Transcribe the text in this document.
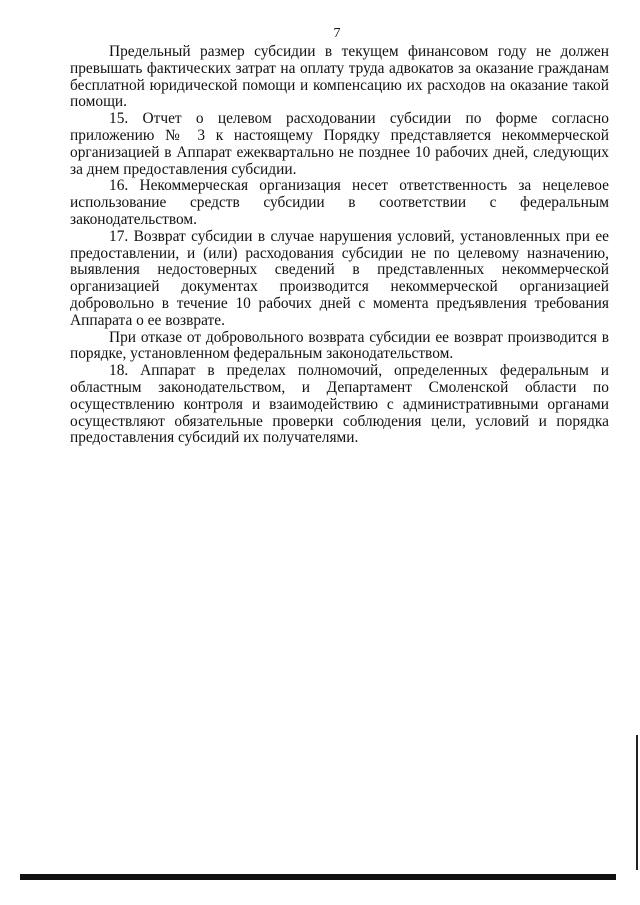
7

Предельный размер субсидии в текущем финансовом году не должен превышать фактических затрат на оплату труда адвокатов за оказание гражданам бесплатной юридической помощи и компенсацию их расходов на оказание такой помощи.

15. Отчет о целевом расходовании субсидии по форме согласно приложению № 3 к настоящему Порядку представляется некоммерческой организацией в Аппарат ежеквартально не позднее 10 рабочих дней, следующих за днем предоставления субсидии.

16. Некоммерческая организация несет ответственность за нецелевое использование средств субсидии в соответствии с федеральным законодательством.

17. Возврат субсидии в случае нарушения условий, установленных при ее предоставлении, и (или) расходования субсидии не по целевому назначению, выявления недостоверных сведений в представленных некоммерческой организацией документах производится некоммерческой организацией добровольно в течение 10 рабочих дней с момента предъявления требования Аппарата о ее возврате.

При отказе от добровольного возврата субсидии ее возврат производится в порядке, установленном федеральным законодательством.

18. Аппарат в пределах полномочий, определенных федеральным и областным законодательством, и Департамент Смоленской области по осуществлению контроля и взаимодействию с административными органами осуществляют обязательные проверки соблюдения цели, условий и порядка предоставления субсидий их получателями.
